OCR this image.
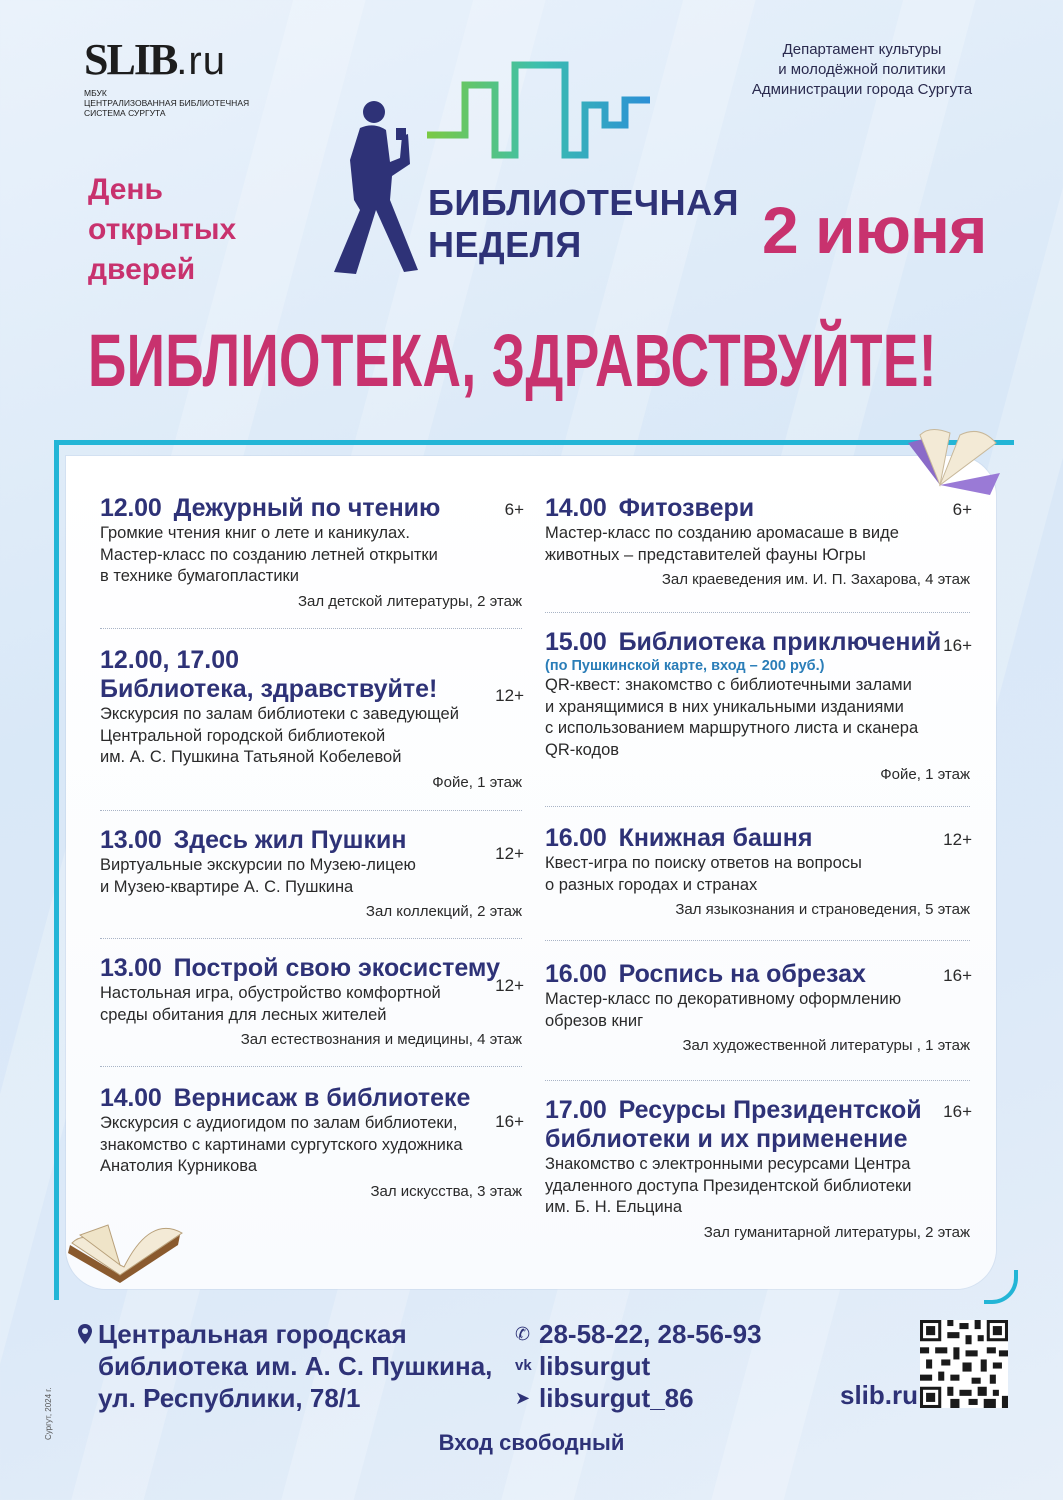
SLIB.ru
МБУК
ЦЕНТРАЛИЗОВАННАЯ БИБЛИОТЕЧНАЯ
СИСТЕМА СУРГУТА
Департамент культуры
и молодёжной политики
Администрации города Сургута
День
открытых
дверей
БИБЛИОТЕЧНАЯ
НЕДЕЛЯ	2 июня
БИБЛИОТЕКА, ЗДРАВСТВУЙТЕ!
12.00 Дежурный по чтению	6+
Громкие чтения книг о лете и каникулах.
Мастер-класс по созданию летней открытки
в технике бумагопластики
Зал детской литературы, 2 этаж
12.00, 17.00
Библиотека, здравствуйте!	12+
Экскурсия по залам библиотеки с заведующей
Центральной городской библиотекой
им. А. С. Пушкина Татьяной Кобелевой
Фойе, 1 этаж
13.00 Здесь жил Пушкин	12+
Виртуальные экскурсии по Музею-лицею
и Музею-квартире А. С. Пушкина
Зал коллекций, 2 этаж
13.00 Построй свою экосистему
12+
Настольная игра, обустройство комфортной
среды обитания для лесных жителей
Зал естествознания и медицины, 4 этаж
14.00 Вернисаж в библиотеке
16+
Экскурсия с аудиогидом по залам библиотеки,
знакомство с картинами сургутского художника
Анатолия Курникова
Зал искусства, 3 этаж
14.00 Фитозвери	6+
Мастер-класс по созданию аромасаше в виде
животных – представителей фауны Югры
Зал краеведения им. И. П. Захарова, 4 этаж
15.00 Библиотека приключений 16+
(по Пушкинской карте, вход – 200 руб.)
QR-квест: знакомство с библиотечными залами
и хранящимися в них уникальными изданиями
с использованием маршрутного листа и сканера
QR-кодов
Фойе, 1 этаж
16.00 Книжная башня	12+
Квест-игра по поиску ответов на вопросы
о разных городах и странах
Зал языкознания и страноведения, 5 этаж
16.00 Роспись на обрезах	16+
Мастер-класс по декоративному оформлению
обрезов книг
Зал художественной литературы , 1 этаж
17.00 Ресурсы Президентской
библиотеки и их применение
16+
Знакомство с электронными ресурсами Центра
удаленного доступа Президентской библиотеки
им. Б. Н. Ельцина
Зал гуманитарной литературы, 2 этаж
Центральная городская
библиотека им. А. С. Пушкина,
ул. Республики, 78/1
✆ 28-58-22, 28-56-93
vk libsurgut
➤ libsurgut_86	slib.ru
Вход свободный
Сургут, 2024 г.
